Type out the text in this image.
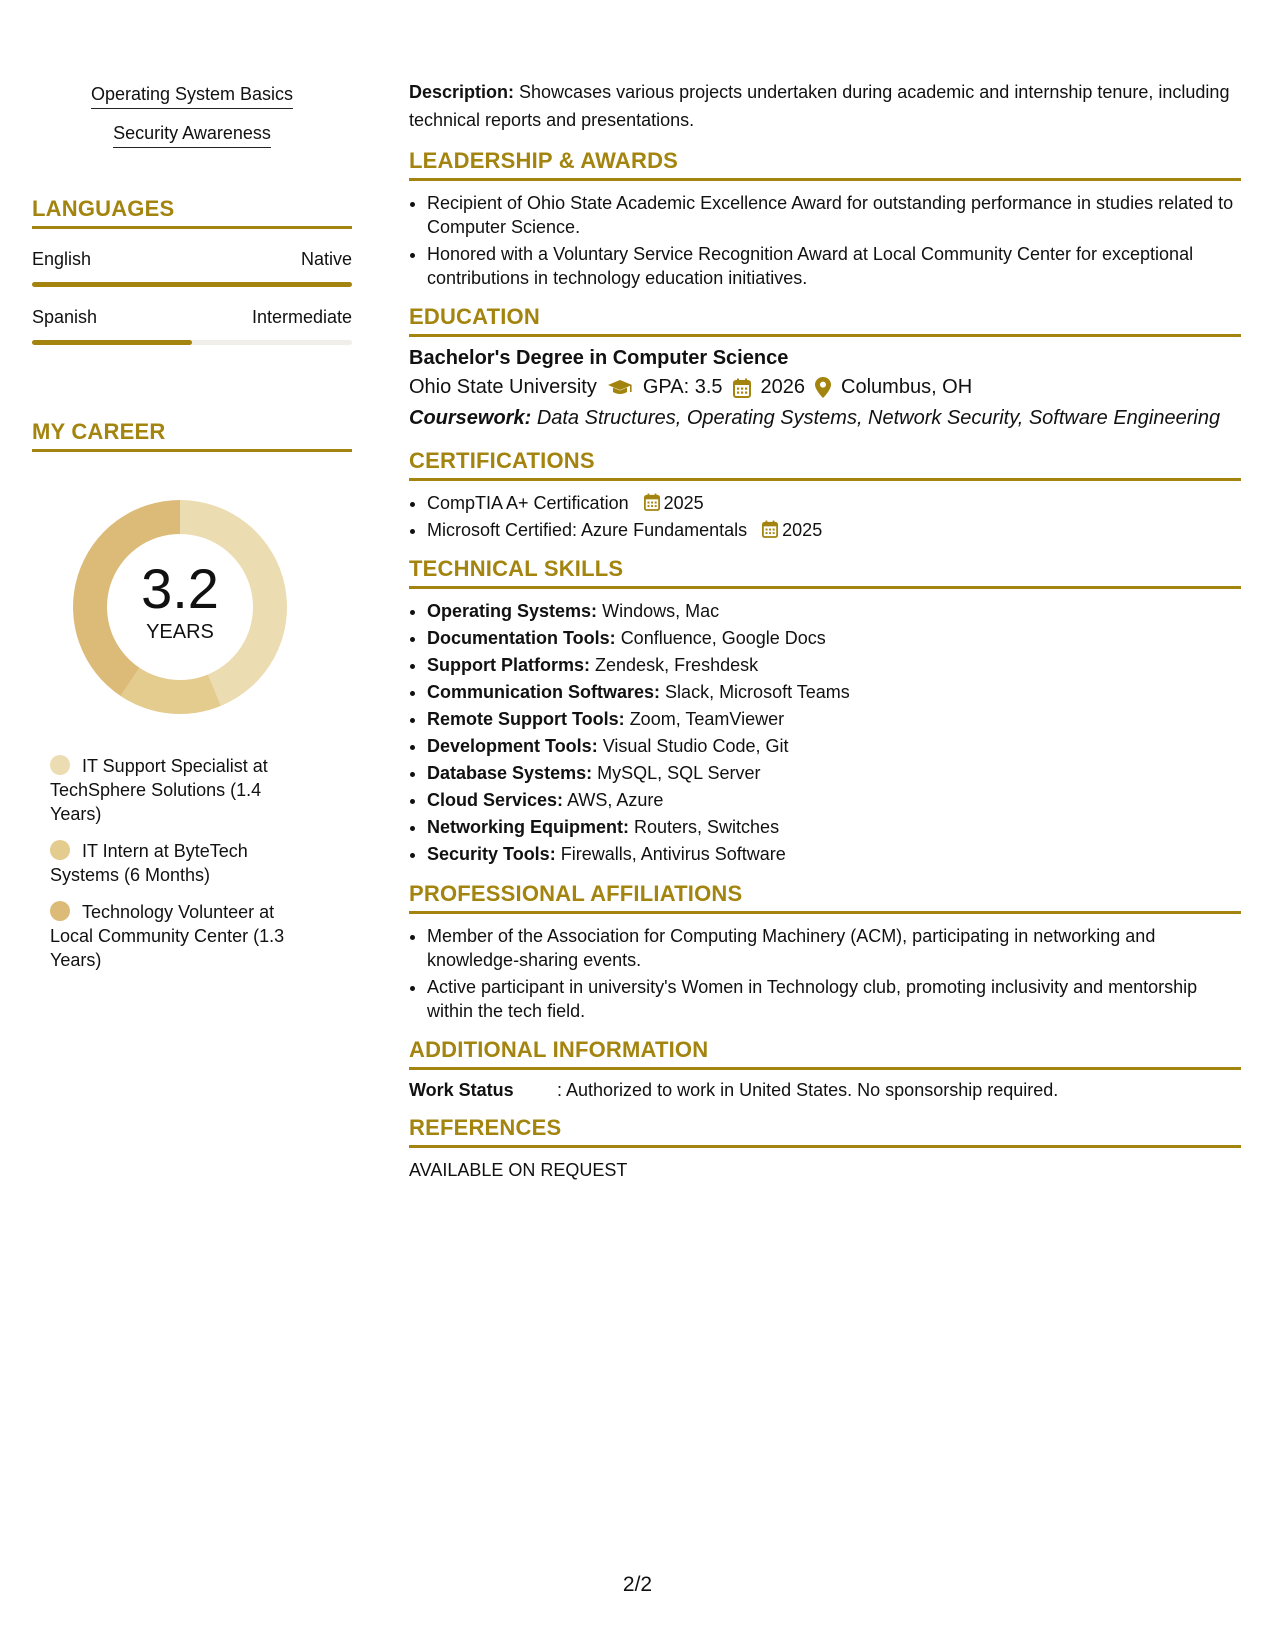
Operating System Basics
Security Awareness
LANGUAGES
English	Native
Spanish	Intermediate
MY CAREER
3.2
YEARS
IT Support Specialist at TechSphere Solutions (1.4 Years)
IT Intern at ByteTech Systems (6 Months)
Technology Volunteer at Local Community Center (1.3 Years)

Description: Showcases various projects undertaken during academic and internship tenure, including technical reports and presentations.

LEADERSHIP & AWARDS
• Recipient of Ohio State Academic Excellence Award for outstanding performance in studies related to Computer Science.
• Honored with a Voluntary Service Recognition Award at Local Community Center for exceptional contributions in technology education initiatives.
EDUCATION
Bachelor's Degree in Computer Science
Ohio State University GPA: 3.5 2026 Columbus, OH
Coursework: Data Structures, Operating Systems, Network Security, Software Engineering
CERTIFICATIONS
• CompTIA A+ Certification 2025
• Microsoft Certified: Azure Fundamentals 2025
TECHNICAL SKILLS
• Operating Systems: Windows, Mac
• Documentation Tools: Confluence, Google Docs
• Support Platforms: Zendesk, Freshdesk
• Communication Softwares: Slack, Microsoft Teams
• Remote Support Tools: Zoom, TeamViewer
• Development Tools: Visual Studio Code, Git
• Database Systems: MySQL, SQL Server
• Cloud Services: AWS, Azure
• Networking Equipment: Routers, Switches
• Security Tools: Firewalls, Antivirus Software
PROFESSIONAL AFFILIATIONS
• Member of the Association for Computing Machinery (ACM), participating in networking and knowledge-sharing events.
• Active participant in university's Women in Technology club, promoting inclusivity and mentorship within the tech field.
ADDITIONAL INFORMATION
Work Status	: Authorized to work in United States. No sponsorship required.
REFERENCES
AVAILABLE ON REQUEST
2/2
